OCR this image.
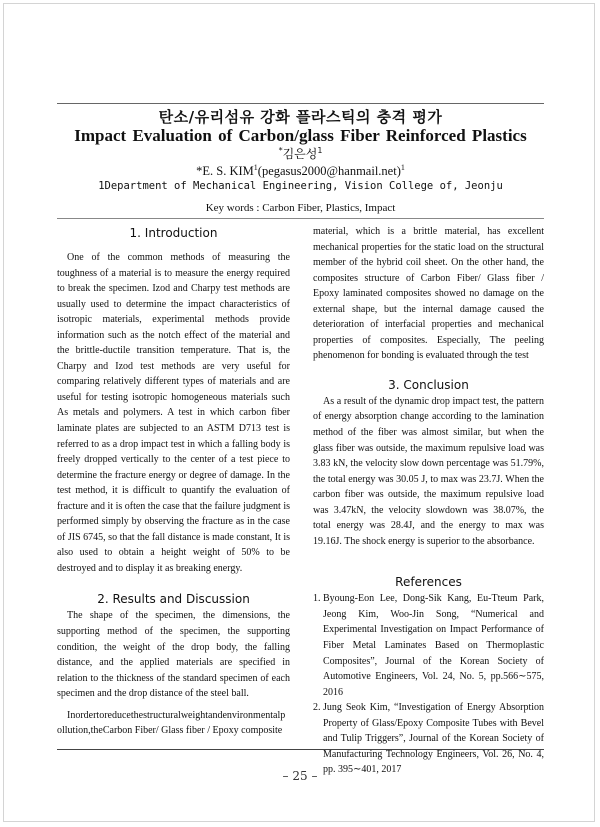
탄소/유리섬유 강화 플라스틱의 충격 평가
Impact Evaluation of Carbon/glass Fiber Reinforced Plastics
*김은성$^1$
*E. S. KIM$^1$(pegasus2000@hanmail.net)$^1$
1Department of Mechanical Engineering, Vision College of, Jeonju
Key words : Carbon Fiber, Plastics, Impact
1. Introduction

One of the common methods of measuring the toughness of a material is to measure the energy required to break the specimen. Izod and Charpy test methods are usually used to determine the impact characteristics of isotropic materials, experimental methods provide information such as the notch effect of the material and the brittle-ductile transition temperature. That is, the Charpy and Izod test methods are very useful for comparing relatively different types of materials and are useful for testing isotropic homogeneous materials such As metals and polymers. A test in which carbon fiber laminate plates are subjected to an ASTM D713 test is referred to as a drop impact test in which a falling body is freely dropped vertically to the center of a test piece to determine the fracture energy or degree of damage. In the test method, it is difficult to quantify the evaluation of fracture and it is often the case that the failure judgment is performed simply by observing the fracture as in the case of JIS 6745, so that the fall distance is made constant, It is also used to obtain a height weight of 50% to be destroyed and to display it as breaking energy.

2. Results and Discussion

The shape of the specimen, the dimensions, the supporting method of the specimen, the supporting condition, the weight of the drop body, the falling distance, and the applied materials are specified in relation to the thickness of the standard specimen of each specimen and the drop distance of the steel ball.

Inordertoreducethestructuralweightandenvironmentalpollution,theCarbon Fiber/ Glass fiber / Epoxy composite

material, which is a brittle material, has excellent mechanical properties for the static load on the structural member of the hybrid coil sheet. On the other hand, the composites structure of Carbon Fiber/ Glass fiber / Epoxy laminated composites showed no damage on the external shape, but the internal damage caused the deterioration of interfacial properties and mechanical properties of composites. Especially, The peeling phenomenon for bonding is evaluated through the test

3. Conclusion

As a result of the dynamic drop impact test, the pattern of energy absorption change according to the lamination method of the fiber was almost similar, but when the glass fiber was outside, the maximum repulsive load was 3.83 kN, the velocity slow down percentage was 51.79%, the total energy was 30.05 J, to max was 23.7J. When the carbon fiber was outside, the maximum repulsive load was 3.47kN, the velocity slowdown was 38.07%, the total energy was 28.4J, and the energy to max was 19.16J. The shock energy is superior to the absorbance.

References
1. Byoung-Eon Lee, Dong-Sik Kang, Eu-Tteum Park, Jeong Kim, Woo-Jin Song, “Numerical and Experimental Investigation on Impact Performance of Fiber Metal Laminates Based on Thermoplastic Composites”, Journal of the Korean Society of Automotive Engineers, Vol. 24, No. 5, pp.566∼575, 2016
2. Jung Seok Kim, “Investigation of Energy Absorption Property of Glass/Epoxy Composite Tubes with Bevel and Tulip Triggers”, Journal of the Korean Society of Manufacturing Technology Engineers, Vol. 26, No. 4, pp. 395∼401, 2017
– 25 –
